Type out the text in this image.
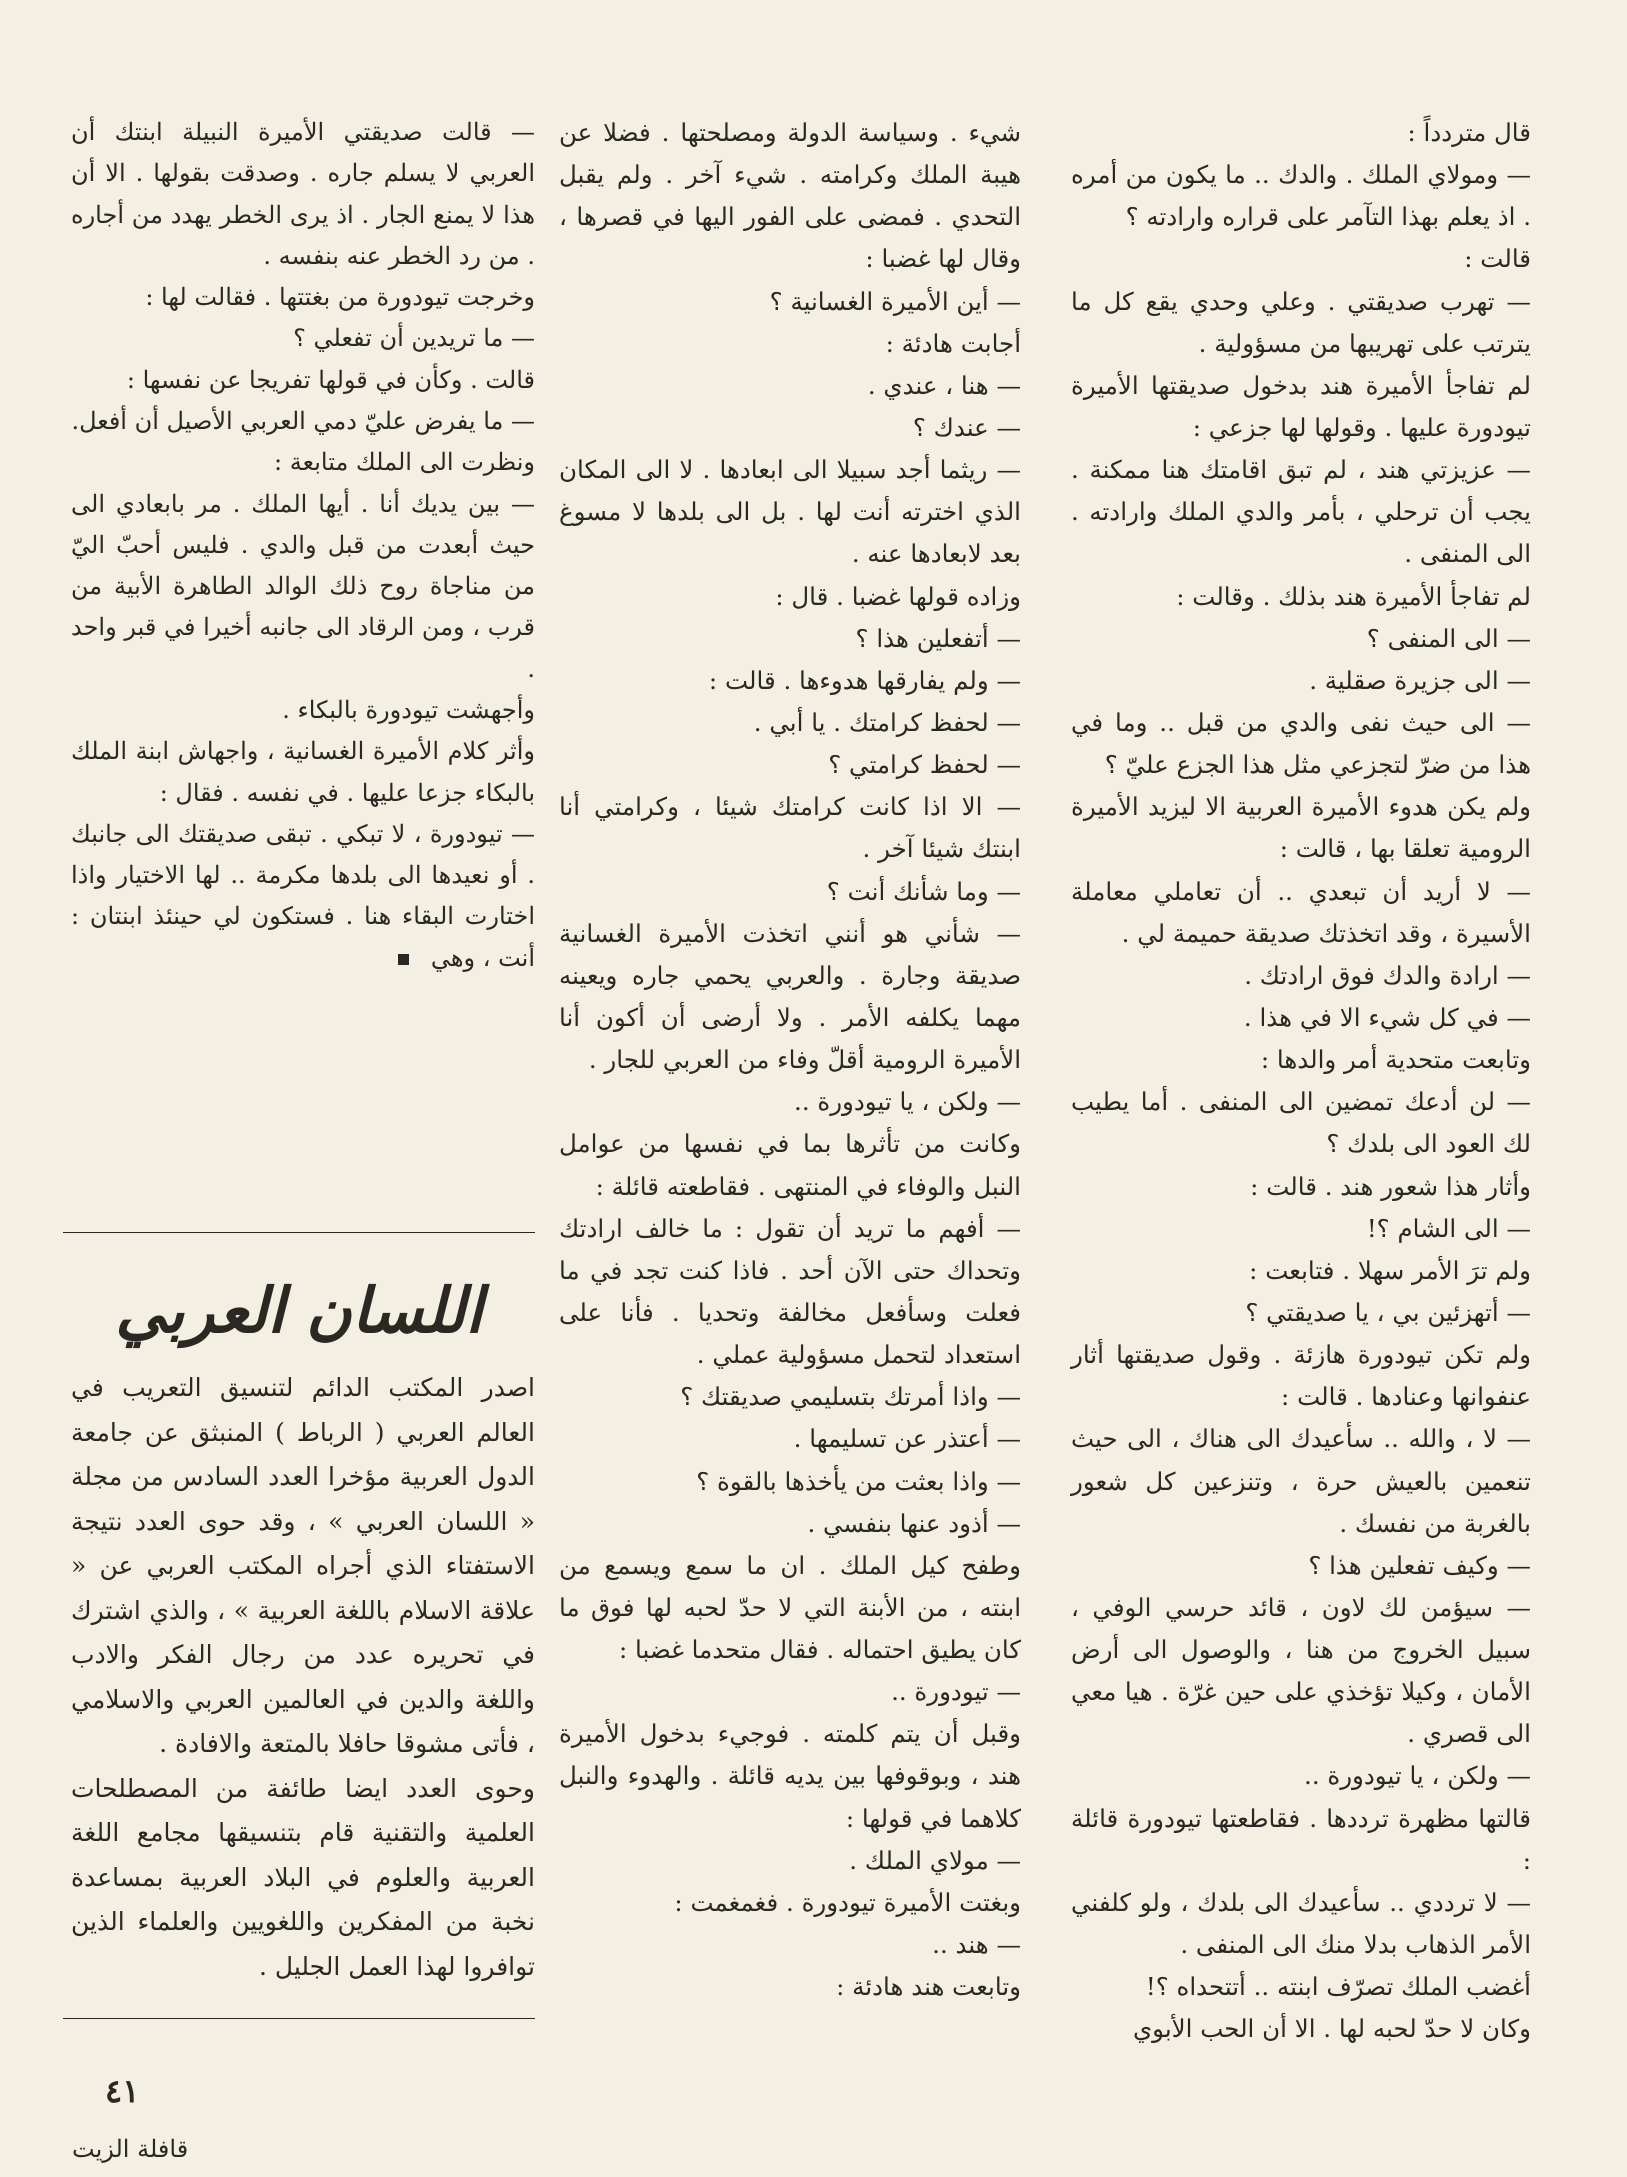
قال متردداً :

— ومولاي الملك . والدك .. ما يكون من أمره . اذ يعلم بهذا التآمر على قراره وارادته ؟

قالت :

— تهرب صديقتي . وعلي وحدي يقع كل ما يترتب على تهريبها من مسؤولية .

لم تفاجأ الأميرة هند بدخول صديقتها الأميرة تيودورة عليها . وقولها لها جزعي :

— عزيزتي هند ، لم تبق اقامتك هنا ممكنة . يجب أن ترحلي ، بأمر والدي الملك وارادته . الى المنفى .

لم تفاجأ الأميرة هند بذلك . وقالت :

— الى المنفى ؟

— الى جزيرة صقلية .

— الى حيث نفى والدي من قبل .. وما في هذا من ضرّ لتجزعي مثل هذا الجزع عليّ ؟

ولم يكن هدوء الأميرة العربية الا ليزيد الأميرة الرومية تعلقا بها ، قالت :

— لا أريد أن تبعدي .. أن تعاملي معاملة الأسيرة ، وقد اتخذتك صديقة حميمة لي .

— ارادة والدك فوق ارادتك .

— في كل شيء الا في هذا .

وتابعت متحدية أمر والدها :

— لن أدعك تمضين الى المنفى . أما يطيب لك العود الى بلدك ؟

وأثار هذا شعور هند . قالت :

— الى الشام ؟!

ولم ترَ الأمر سهلا . فتابعت :

— أتهزئين بي ، يا صديقتي ؟

ولم تكن تيودورة هازئة . وقول صديقتها أثار عنفوانها وعنادها . قالت :

— لا ، والله .. سأعيدك الى هناك ، الى حيث تنعمين بالعيش حرة ، وتنزعين كل شعور بالغربة من نفسك .

— وكيف تفعلين هذا ؟

— سيؤمن لك لاون ، قائد حرسي الوفي ، سبيل الخروج من هنا ، والوصول الى أرض الأمان ، وكيلا تؤخذي على حين غرّة . هيا معي الى قصري .

— ولكن ، يا تيودورة ..

قالتها مظهرة ترددها . فقاطعتها تيودورة قائلة :

— لا ترددي .. سأعيدك الى بلدك ، ولو كلفني الأمر الذهاب بدلا منك الى المنفى .

أغضب الملك تصرّف ابنته .. أتتحداه ؟!

وكان لا حدّ لحبه لها . الا أن الحب الأبوي

شيء . وسياسة الدولة ومصلحتها . فضلا عن هيبة الملك وكرامته . شيء آخر . ولم يقبل التحدي . فمضى على الفور اليها في قصرها ، وقال لها غضبا :

— أين الأميرة الغسانية ؟

أجابت هادئة :

— هنا ، عندي .

— عندك ؟

— ريثما أجد سبيلا الى ابعادها . لا الى المكان الذي اخترته أنت لها . بل الى بلدها لا مسوغ بعد لابعادها عنه .

وزاده قولها غضبا . قال :

— أتفعلين هذا ؟

— ولم يفارقها هدوءها . قالت :

— لحفظ كرامتك . يا أبي .

— لحفظ كرامتي ؟

— الا اذا كانت كرامتك شيئا ، وكرامتي أنا ابنتك شيئا آخر .

— وما شأنك أنت ؟

— شأني هو أنني اتخذت الأميرة الغسانية صديقة وجارة . والعربي يحمي جاره ويعينه مهما يكلفه الأمر . ولا أرضى أن أكون أنا الأميرة الرومية أقلّ وفاء من العربي للجار .

— ولكن ، يا تيودورة ..

وكانت من تأثرها بما في نفسها من عوامل النبل والوفاء في المنتهى . فقاطعته قائلة :

— أفهم ما تريد أن تقول : ما خالف ارادتك وتحداك حتى الآن أحد . فاذا كنت تجد في ما فعلت وسأفعل مخالفة وتحديا . فأنا على استعداد لتحمل مسؤولية عملي .

— واذا أمرتك بتسليمي صديقتك ؟

— أعتذر عن تسليمها .

— واذا بعثت من يأخذها بالقوة ؟

— أذود عنها بنفسي .

وطفح كيل الملك . ان ما سمع ويسمع من ابنته ، من الأبنة التي لا حدّ لحبه لها فوق ما كان يطيق احتماله . فقال متحدما غضبا :

— تيودورة ..

وقبل أن يتم كلمته . فوجيء بدخول الأميرة هند ، وبوقوفها بين يديه قائلة . والهدوء والنبل كلاهما في قولها :

— مولاي الملك .

وبغتت الأميرة تيودورة . فغمغمت :

— هند ..

وتابعت هند هادئة :

— قالت صديقتي الأميرة النبيلة ابنتك أن العربي لا يسلم جاره . وصدقت بقولها . الا أن هذا لا يمنع الجار . اذ يرى الخطر يهدد من أجاره . من رد الخطر عنه بنفسه .

وخرجت تيودورة من بغتتها . فقالت لها :

— ما تريدين أن تفعلي ؟

قالت . وكأن في قولها تفريجا عن نفسها :

— ما يفرض عليّ دمي العربي الأصيل أن أفعل.

ونظرت الى الملك متابعة :

— بين يديك أنا . أيها الملك . مر بابعادي الى حيث أبعدت من قبل والدي . فليس أحبّ اليّ من مناجاة روح ذلك الوالد الطاهرة الأبية من قرب ، ومن الرقاد الى جانبه أخيرا في قبر واحد .

وأجهشت تيودورة بالبكاء .

وأثر كلام الأميرة الغسانية ، واجهاش ابنة الملك بالبكاء جزعا عليها . في نفسه . فقال :

— تيودورة ، لا تبكي . تبقى صديقتك الى جانبك . أو نعيدها الى بلدها مكرمة .. لها الاختيار واذا اختارت البقاء هنا . فستكون لي حينئذ ابنتان : أنت ، وهي

اللسان العربي

اصدر المكتب الدائم لتنسيق التعريب في العالم العربي ( الرباط ) المنبثق عن جامعة الدول العربية مؤخرا العدد السادس من مجلة « اللسان العربي » ، وقد حوى العدد نتيجة الاستفتاء الذي أجراه المكتب العربي عن « علاقة الاسلام باللغة العربية » ، والذي اشترك في تحريره عدد من رجال الفكر والادب واللغة والدين في العالمين العربي والاسلامي ، فأتى مشوقا حافلا بالمتعة والافادة .

وحوى العدد ايضا طائفة من المصطلحات العلمية والتقنية قام بتنسيقها مجامع اللغة العربية والعلوم في البلاد العربية بمساعدة نخبة من المفكرين واللغويين والعلماء الذين توافروا لهذا العمل الجليل .

٤١
قافلة الزيت
